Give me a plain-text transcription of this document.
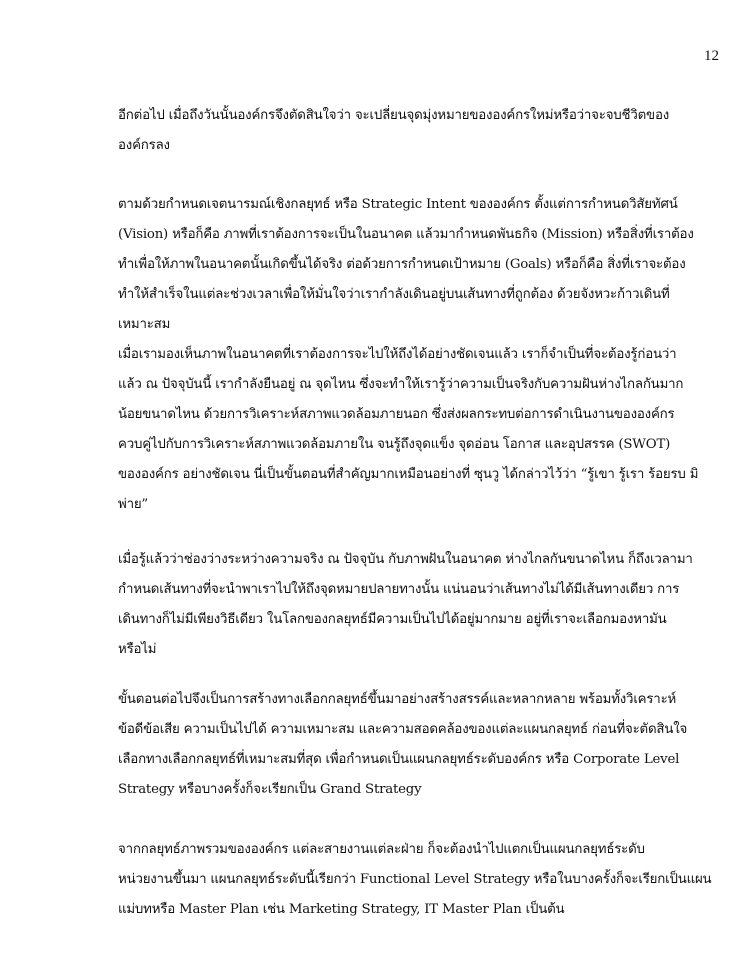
12
อีกต่อไป เมื่อถึงวันนั้นองค์กรจึงตัดสินใจว่า จะเปลี่ยนจุดมุ่งหมายขององค์กรใหม่หรือว่าจะจบชีวิตของ
องค์กรลง
ตามด้วยกำหนดเจตนารมณ์เชิงกลยุทธ์ หรือ Strategic Intent ขององค์กร ตั้งแต่การกำหนดวิสัยทัศน์
(Vision) หรือก็คือ ภาพที่เราต้องการจะเป็นในอนาคต แล้วมากำหนดพันธกิจ (Mission) หรือสิ่งที่เราต้อง
ทำเพื่อให้ภาพในอนาคตนั้นเกิดขึ้นได้จริง ต่อด้วยการกำหนดเป้าหมาย (Goals) หรือก็คือ สิ่งที่เราจะต้อง
ทำให้สำเร็จในแต่ละช่วงเวลาเพื่อให้มั่นใจว่าเรากำลังเดินอยู่บนเส้นทางที่ถูกต้อง ด้วยจังหวะก้าวเดินที่
เหมาะสม
เมื่อเรามองเห็นภาพในอนาคตที่เราต้องการจะไปให้ถึงได้อย่างชัดเจนแล้ว เราก็จำเป็นที่จะต้องรู้ก่อนว่า
แล้ว ณ ปัจจุบันนี้ เรากำลังยืนอยู่ ณ จุดไหน ซึ่งจะทำให้เรารู้ว่าความเป็นจริงกับความฝันห่างไกลกันมาก
น้อยขนาดไหน ด้วยการวิเคราะห์สภาพแวดล้อมภายนอก ซึ่งส่งผลกระทบต่อการดำเนินงานขององค์กร
ควบคู่ไปกับการวิเคราะห์สภาพแวดล้อมภายใน จนรู้ถึงจุดแข็ง จุดอ่อน โอกาส และอุปสรรค (SWOT)
ขององค์กร อย่างชัดเจน นี่เป็นขั้นตอนที่สำคัญมากเหมือนอย่างที่ ซุนวู ได้กล่าวไว้ว่า “รู้เขา รู้เรา ร้อยรบ มิ
พ่าย”
เมื่อรู้แล้วว่าช่องว่างระหว่างความจริง ณ ปัจจุบัน กับภาพฝันในอนาคต ห่างไกลกันขนาดไหน ก็ถึงเวลามา
กำหนดเส้นทางที่จะนำพาเราไปให้ถึงจุดหมายปลายทางนั้น แน่นอนว่าเส้นทางไม่ได้มีเส้นทางเดียว การ
เดินทางก็ไม่มีเพียงวิธีเดียว ในโลกของกลยุทธ์มีความเป็นไปได้อยู่มากมาย อยู่ที่เราจะเลือกมองหามัน
หรือไม่
ขั้นตอนต่อไปจึงเป็นการสร้างทางเลือกกลยุทธ์ขึ้นมาอย่างสร้างสรรค์และหลากหลาย พร้อมทั้งวิเคราะห์
ข้อดีข้อเสีย ความเป็นไปได้ ความเหมาะสม และความสอดคล้องของแต่ละแผนกลยุทธ์ ก่อนที่จะตัดสินใจ
เลือกทางเลือกกลยุทธ์ที่เหมาะสมที่สุด เพื่อกำหนดเป็นแผนกลยุทธ์ระดับองค์กร หรือ Corporate Level
Strategy หรือบางครั้งก็จะเรียกเป็น Grand Strategy
จากกลยุทธ์ภาพรวมขององค์กร แต่ละสายงานแต่ละฝ่าย ก็จะต้องนำไปแตกเป็นแผนกลยุทธ์ระดับ
หน่วยงานขึ้นมา แผนกลยุทธ์ระดับนี้เรียกว่า Functional Level Strategy หรือในบางครั้งก็จะเรียกเป็นแผน
แม่บทหรือ Master Plan เช่น Marketing Strategy, IT Master Plan เป็นต้น
